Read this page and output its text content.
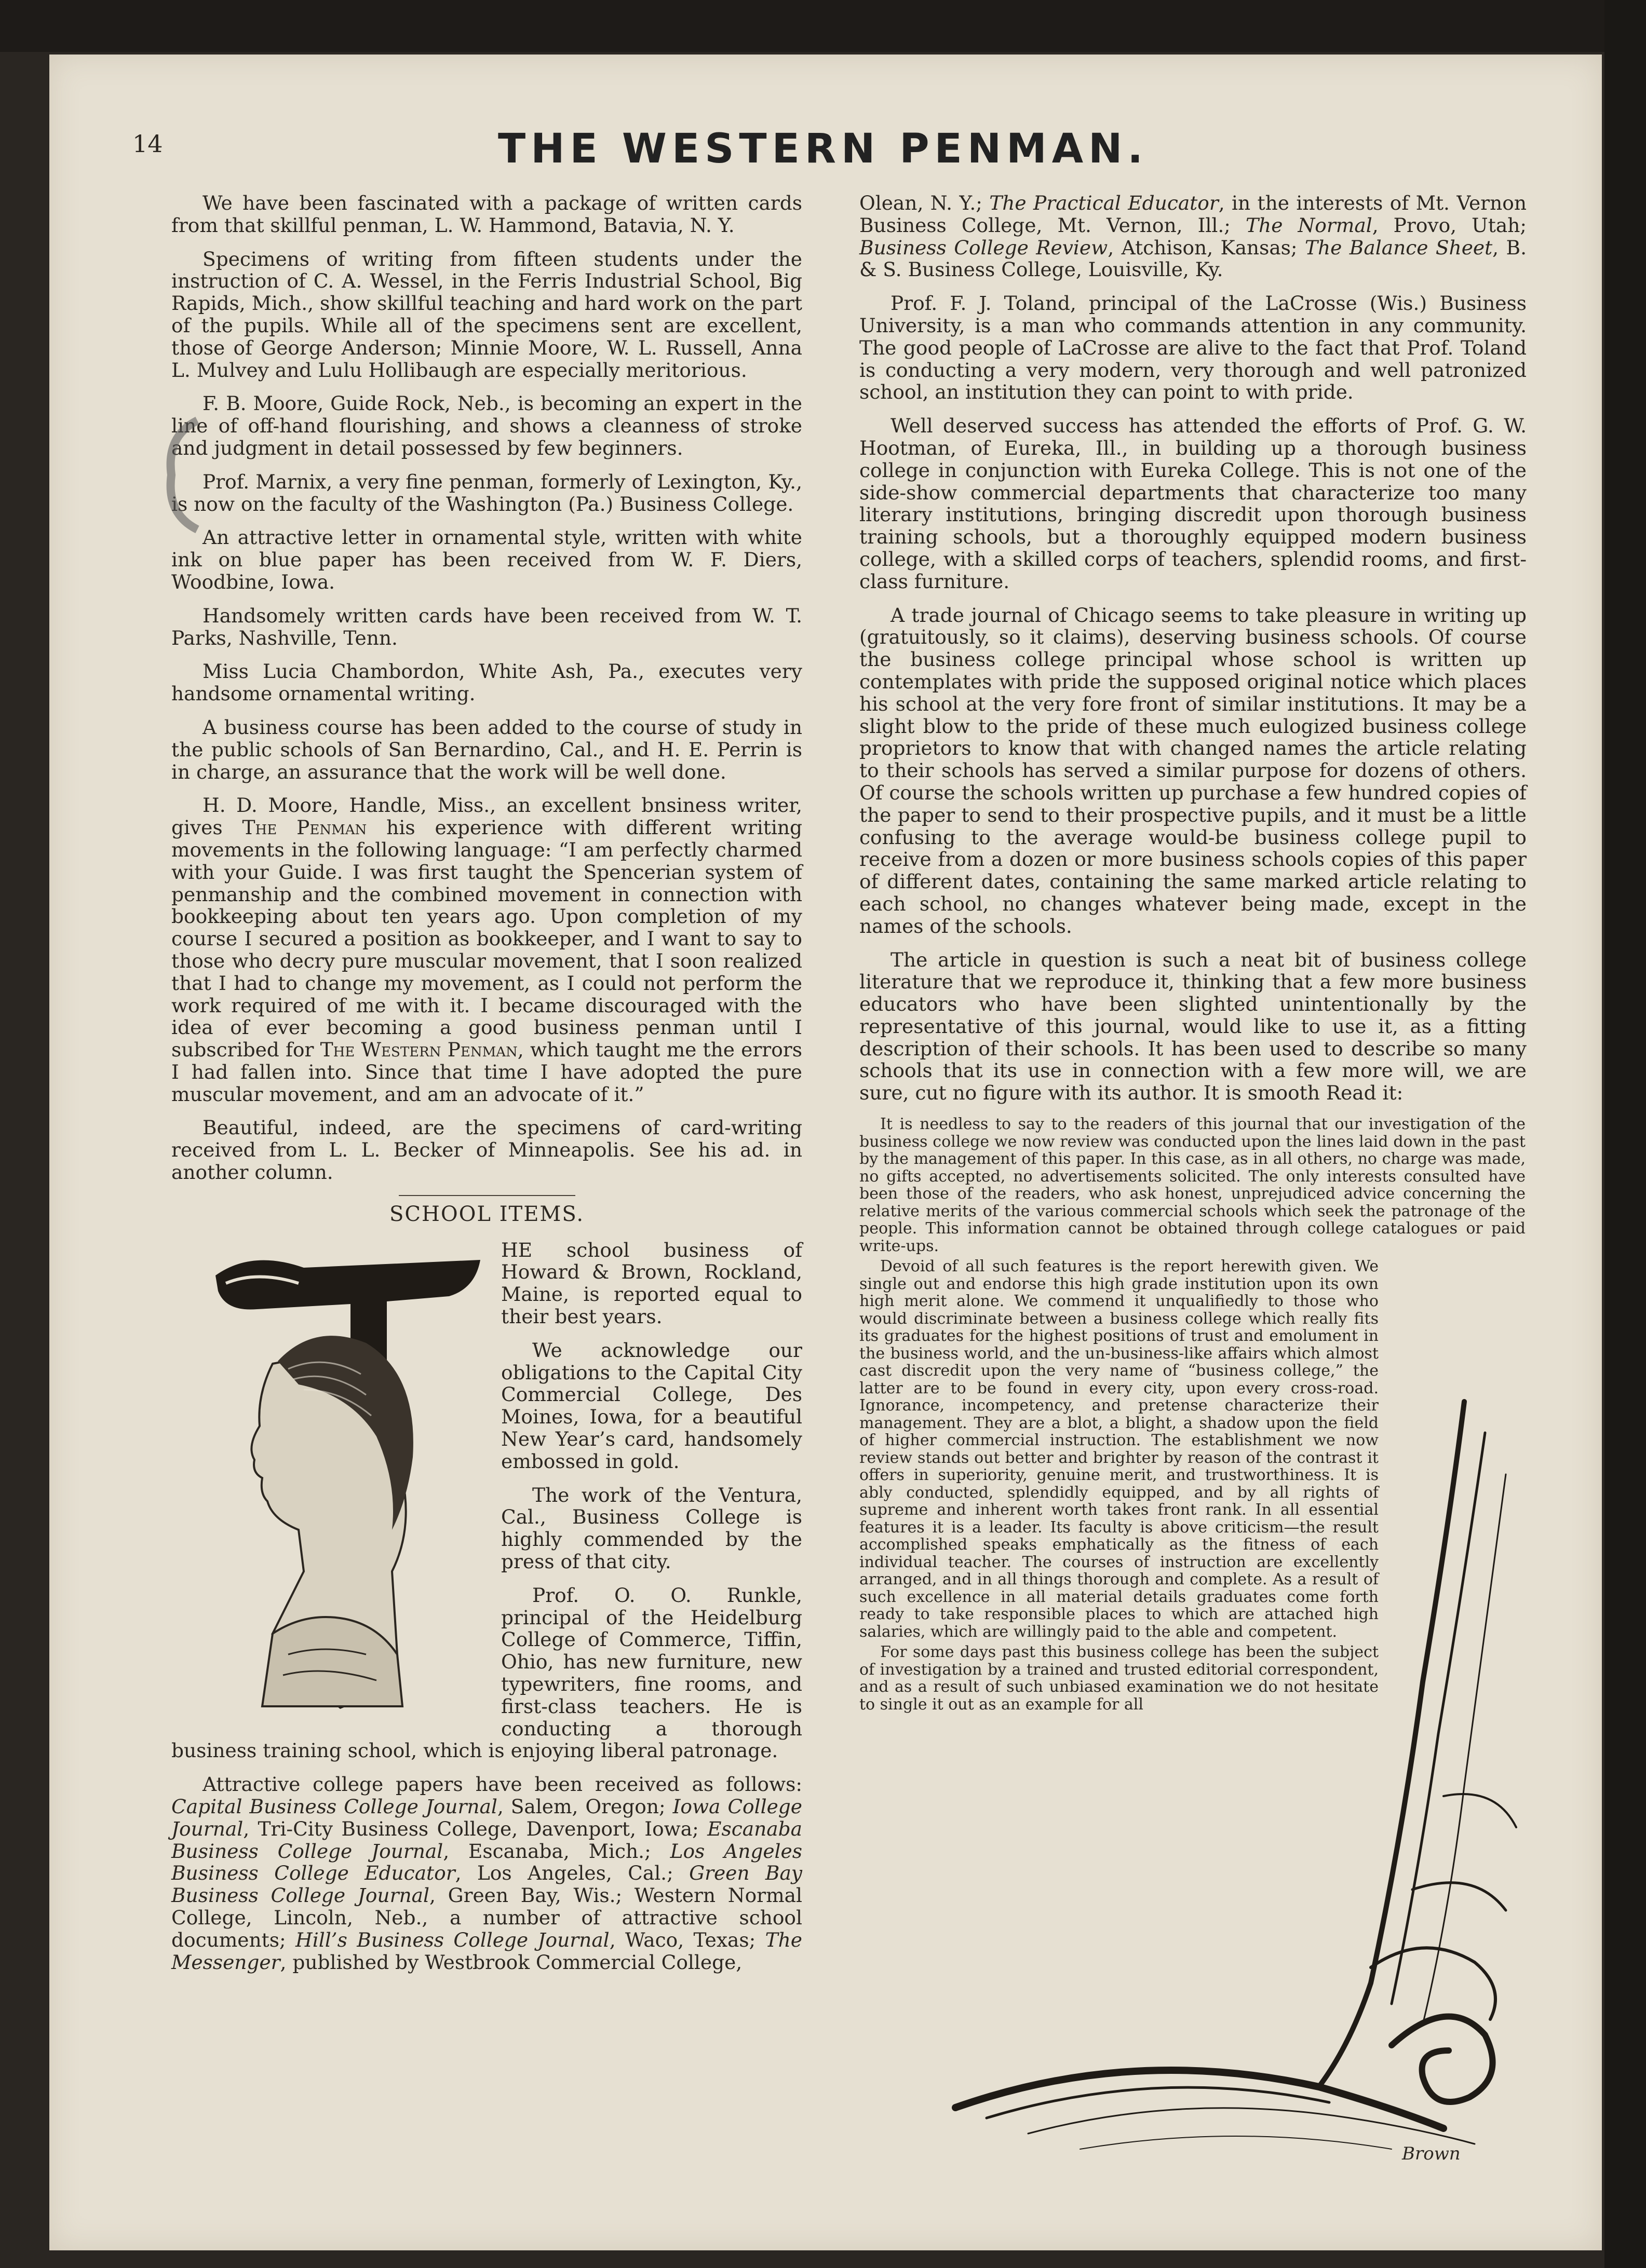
14	THE WESTERN PENMAN.

We have been fascinated with a package of written cards from that skillful penman, L. W. Hammond, Batavia, N. Y.

Specimens of writing from fifteen students under the instruction of C. A. Wessel, in the Ferris Industrial School, Big Rapids, Mich., show skillful teaching and hard work on the part of the pupils. While all of the specimens sent are excellent, those of George Anderson; Minnie Moore, W. L. Russell, Anna L. Mulvey and Lulu Hollibaugh are especially meritorious.

F. B. Moore, Guide Rock, Neb., is becoming an expert in the line of off-hand flourishing, and shows a cleanness of stroke and judgment in detail possessed by few beginners.

Prof. Marnix, a very fine penman, formerly of Lexington, Ky., is now on the faculty of the Washington (Pa.) Business College.

An attractive letter in ornamental style, written with white ink on blue paper has been received from W. F. Diers, Woodbine, Iowa.

Handsomely written cards have been received from W. T. Parks, Nashville, Tenn.

Miss Lucia Chambordon, White Ash, Pa., executes very handsome ornamental writing.

A business course has been added to the course of study in the public schools of San Bernardino, Cal., and H. E. Perrin is in charge, an assurance that the work will be well done.

H. D. Moore, Handle, Miss., an excellent bnsiness writer, gives The Penman his experience with different writing movements in the following language: “I am perfectly charmed with your Guide. I was first taught the Spencerian system of penmanship and the combined movement in connection with bookkeeping about ten years ago. Upon completion of my course I secured a position as bookkeeper, and I want to say to those who decry pure muscular movement, that I soon realized that I had to change my movement, as I could not perform the work required of me with it. I became discouraged with the idea of ever becoming a good business penman until I subscribed for The Western Penman, which taught me the errors I had fallen into. Since that time I have adopted the pure muscular movement, and am an advocate of it.”

Beautiful, indeed, are the specimens of card-writing received from L. L. Becker of Minneapolis. See his ad. in another column.

SCHOOL ITEMS.

HE school business of Howard & Brown, Rockland, Maine, is reported equal to their best years.

We acknowledge our obligations to the Capital City Commercial College, Des Moines, Iowa, for a beautiful New Year’s card, handsomely embossed in gold.

The work of the Ventura, Cal., Business College is highly commended by the press of that city.

Prof. O. O. Runkle, principal of the Heidelburg College of Commerce, Tiffin, Ohio, has new furniture, new typewriters, fine rooms, and first-class teachers. He is conducting a thorough business training school, which is enjoying liberal patronage.

Attractive college papers have been received as follows: Capital Business College Journal, Salem, Oregon; Iowa College Journal, Tri-City Business College, Davenport, Iowa; Escanaba Business College Journal, Escanaba, Mich.; Los Angeles Business College Educator, Los Angeles, Cal.; Green Bay Business College Journal, Green Bay, Wis.; Western Normal College, Lincoln, Neb., a number of attractive school documents; Hill’s Business College Journal, Waco, Texas; The Messenger, published by Westbrook Commercial College,

Olean, N. Y.; The Practical Educator, in the interests of Mt. Vernon Business College, Mt. Vernon, Ill.; The Normal, Provo, Utah; Business College Review, Atchison, Kansas; The Balance Sheet, B. & S. Business College, Louisville, Ky.

Prof. F. J. Toland, principal of the LaCrosse (Wis.) Business University, is a man who commands attention in any community. The good people of LaCrosse are alive to the fact that Prof. Toland is conducting a very modern, very thorough and well patronized school, an institution they can point to with pride.

Well deserved success has attended the efforts of Prof. G. W. Hootman, of Eureka, Ill., in building up a thorough business college in conjunction with Eureka College. This is not one of the side-show commercial departments that characterize too many literary institutions, bringing discredit upon thorough business training schools, but a thoroughly equipped modern business college, with a skilled corps of teachers, splendid rooms, and first-class furniture.

A trade journal of Chicago seems to take pleasure in writing up (gratuitously, so it claims), deserving business schools. Of course the business college principal whose school is written up contemplates with pride the supposed original notice which places his school at the very fore front of similar institutions. It may be a slight blow to the pride of these much eulogized business college proprietors to know that with changed names the article relating to their schools has served a similar purpose for dozens of others. Of course the schools written up purchase a few hundred copies of the paper to send to their prospective pupils, and it must be a little confusing to the average would-be business college pupil to receive from a dozen or more business schools copies of this paper of different dates, containing the same marked article relating to each school, no changes whatever being made, except in the names of the schools.

The article in question is such a neat bit of business college literature that we reproduce it, thinking that a few more business educators who have been slighted unintentionally by the representative of this journal, would like to use it, as a fitting description of their schools. It has been used to describe so many schools that its use in connection with a few more will, we are sure, cut no figure with its author. It is smooth Read it:

It is needless to say to the readers of this journal that our investigation of the business college we now review was conducted upon the lines laid down in the past by the management of this paper. In this case, as in all others, no charge was made, no gifts accepted, no advertisements solicited. The only interests consulted have been those of the readers, who ask honest, unprejudiced advice concerning the relative merits of the various commercial schools which seek the patronage of the people. This information cannot be obtained through college catalogues or paid write-ups.

Devoid of all such features is the report herewith given. We single out and endorse this high grade institution upon its own high merit alone. We commend it unqualifiedly to those who would discriminate between a business college which really fits its graduates for the highest positions of trust and emolument in the business world, and the un-business-like affairs which almost cast discredit upon the very name of “business college,” the latter are to be found in every city, upon every cross-road. Ignorance, incompetency, and pretense characterize their management. They are a blot, a blight, a shadow upon the field of higher commercial instruction. The establishment we now review stands out better and brighter by reason of the contrast it offers in superiority, genuine merit, and trustworthiness. It is ably conducted, splendidly equipped, and by all rights of supreme and inherent worth takes front rank. In all essential features it is a leader. Its faculty is above criticism—the result accomplished speaks emphatically as the fitness of each individual teacher. The courses of instruction are excellently arranged, and in all things thorough and complete. As a result of such excellence in all material details graduates come forth ready to take responsible places to which are attached high salaries, which are willingly paid to the able and competent.

For some days past this business college has been the subject of investigation by a trained and trusted editorial correspondent, and as a result of such unbiased examination we do not hesitate to single it out as an example for all

Brown
